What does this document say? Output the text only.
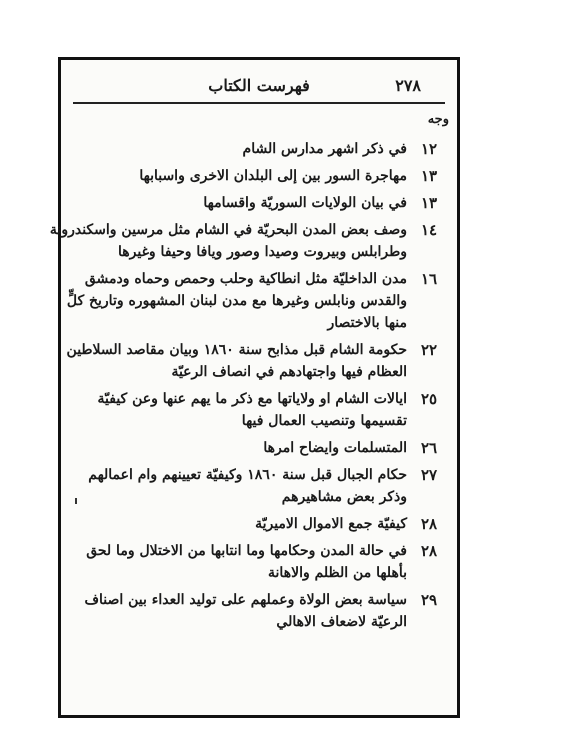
٢٧٨
فهرست الكتاب
وجه
١٢
في ذكر اشهر مدارس الشام
١٣
مهاجرة السور بين إلى البلدان الاخرى واسبابها
١٣
في بيان الولايات السوريّة واقسامها
١٤
وصف بعض المدن البحريّة في الشام مثل مرسين واسكندرونة
وطرابلس وبيروت وصيدا وصور ويافا وحيفا وغيرها
١٦
مدن الداخليّة مثل انطاكية وحلب وحمص وحماه ودمشق
والقدس ونابلس وغيرها مع مدن لبنان المشهوره وتاريخ كلٍّ
منها بالاختصار
٢٢
حكومة الشام قبل مذابح سنة ١٨٦٠ وبيان مقاصد السلاطين
العظام فيها واجتهادهم في انصاف الرعيّة
٢٥
ايالات الشام او ولاياتها مع ذكر ما يهم عنها وعن كيفيّة
تقسيمها وتنصيب العمال فيها
٢٦
المتسلمات وايضاح امرها
٢٧
حكام الجبال قبل سنة ١٨٦٠ وكيفيّة تعيينهم وام اعمالهم
وذكر بعض مشاهيرهم
٢٨
كيفيّة جمع الاموال الاميريّة
٢٨
في حالة المدن وحكامها وما انتابها من الاختلال وما لحق
بأهلها من الظلم والاهانة
٢٩
سياسة بعض الولاة وعملهم على توليد العداء بين اصناف
الرعيّة لاضعاف الاهالي
